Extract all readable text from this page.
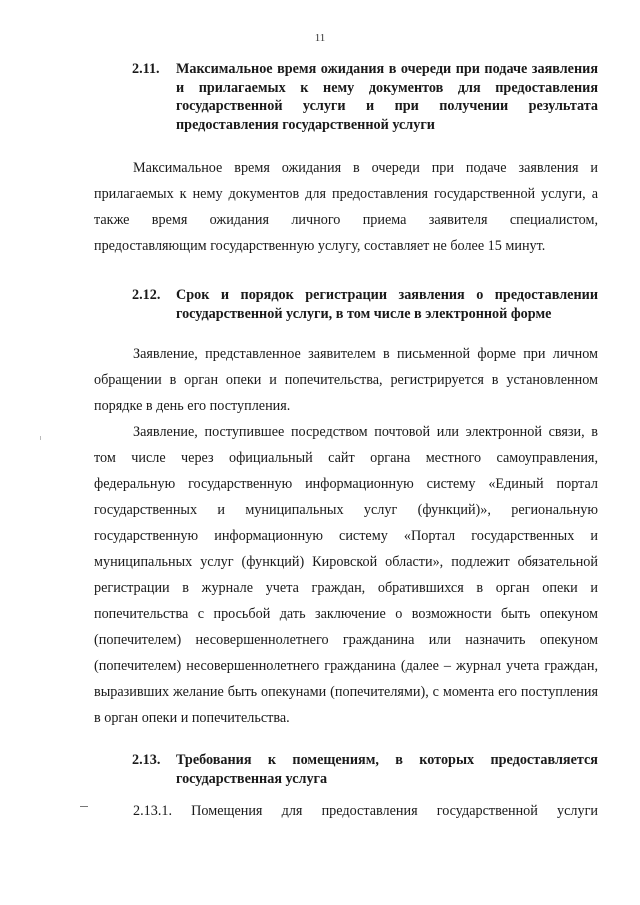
11
2.11.	Максимальное время ожидания в очереди при подаче заявления и прилагаемых к нему документов для предоставления государственной услуги и при получении результата предоставления государственной услуги
Максимальное время ожидания в очереди при подаче заявления и прилагаемых к нему документов для предоставления государственной услуги, а также время ожидания личного приема заявителя специалистом, предоставляющим государственную услугу, составляет не более 15 минут.
2.12.	Срок и порядок регистрации заявления о предоставлении государственной услуги, в том числе в электронной форме
Заявление, представленное заявителем в письменной форме при личном обращении в орган опеки и попечительства, регистрируется в установленном порядке в день его поступления.
Заявление, поступившее посредством почтовой или электронной связи, в том числе через официальный сайт органа местного самоуправления, федеральную государственную информационную систему «Единый портал государственных и муниципальных услуг (функций)», региональную государственную информационную систему «Портал государственных и муниципальных услуг (функций) Кировской области», подлежит обязательной регистрации в журнале учета граждан, обратившихся в орган опеки и попечительства с просьбой дать заключение о возможности быть опекуном (попечителем) несовершеннолетнего гражданина или назначить опекуном (попечителем) несовершеннолетнего гражданина (далее – журнал учета граждан, выразивших желание быть опекунами (попечителями), с момента его поступления в орган опеки и попечительства.
2.13.	Требования к помещениям, в которых предоставляется государственная услуга
2.13.1. Помещения для предоставления государственной услуги
